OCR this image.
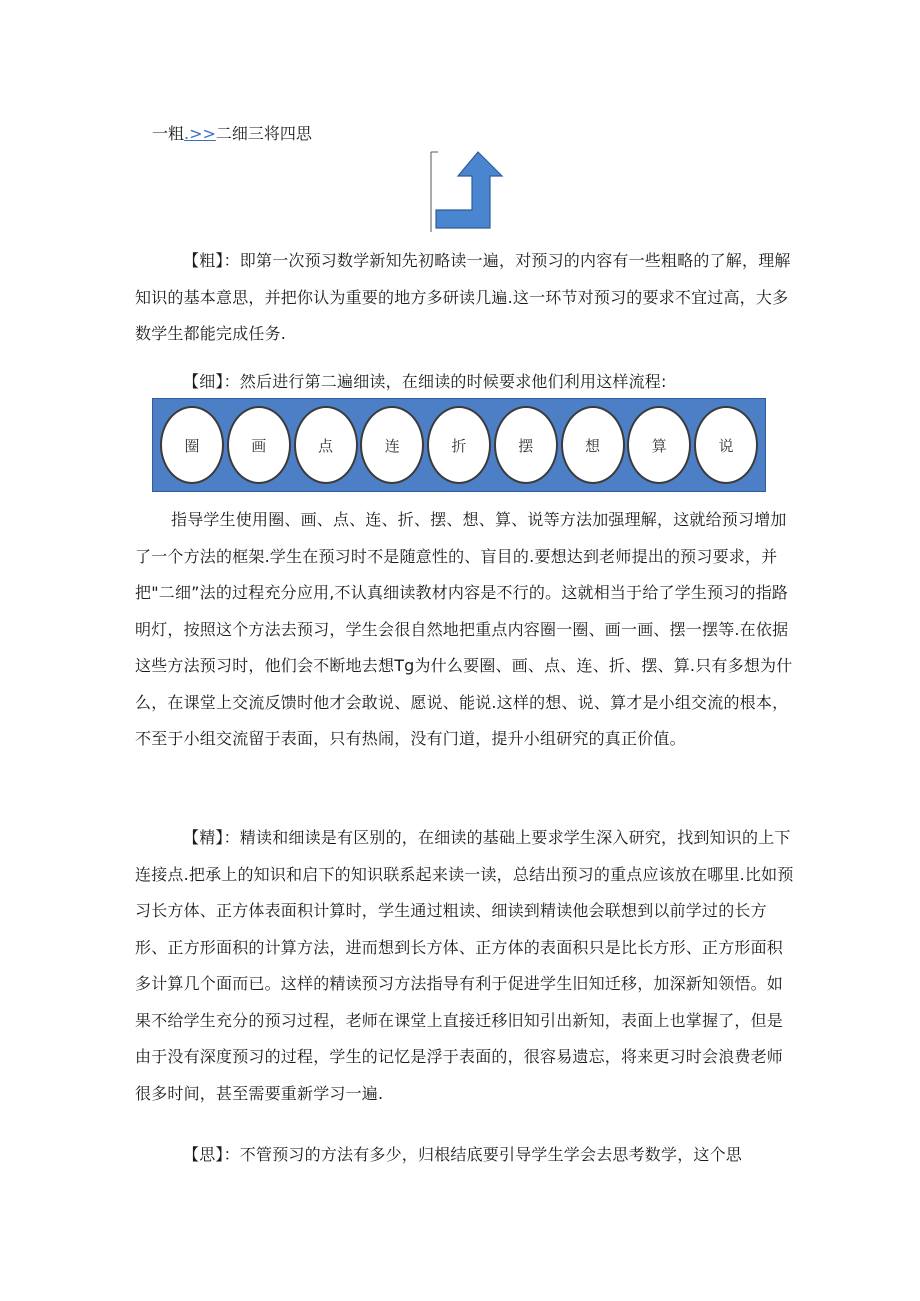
一粗.>>二细三将四思

【粗】：即第一次预习数学新知先初略读一遍，对预习的内容有一些粗略的了解，理解知识的基本意思，并把你认为重要的地方多研读几遍.这一环节对预习的要求不宜过高，大多数学生都能完成任务.

【细】：然后进行第二遍细读，在细读的时候要求他们利用这样流程:

圈	画	点	连	折	摆	想	算	说

指导学生使用圈、画、点、连、折、摆、想、算、说等方法加强理解，这就给预习增加了一个方法的框架.学生在预习时不是随意性的、盲目的.要想达到老师提出的预习要求，并把"二细”法的过程充分应用,不认真细读教材内容是不行的。这就相当于给了学生预习的指路明灯，按照这个方法去预习，学生会很自然地把重点内容圈一圈、画一画、摆一摆等.在依据这些方法预习时，他们会不断地去想Tg为什么要圈、画、点、连、折、摆、算.只有多想为什么，在课堂上交流反馈时他才会敢说、愿说、能说.这样的想、说、算才是小组交流的根本，不至于小组交流留于表面，只有热闹，没有门道，提升小组研究的真正价值。

【精】：精读和细读是有区别的，在细读的基础上要求学生深入研究，找到知识的上下连接点.把承上的知识和启下的知识联系起来读一读，总结出预习的重点应该放在哪里.比如预习长方体、正方体表面积计算时，学生通过粗读、细读到精读他会联想到以前学过的长方形、正方形面积的计算方法，进而想到长方体、正方体的表面积只是比长方形、正方形面积多计算几个面而已。这样的精读预习方法指导有利于促进学生旧知迁移，加深新知领悟。如果不给学生充分的预习过程，老师在课堂上直接迁移旧知引出新知，表面上也掌握了，但是由于没有深度预习的过程，学生的记忆是浮于表面的，很容易遗忘，将来更习时会浪费老师很多时间，甚至需要重新学习一遍.

【思】：不管预习的方法有多少，归根结底要引导学生学会去思考数学，这个思
